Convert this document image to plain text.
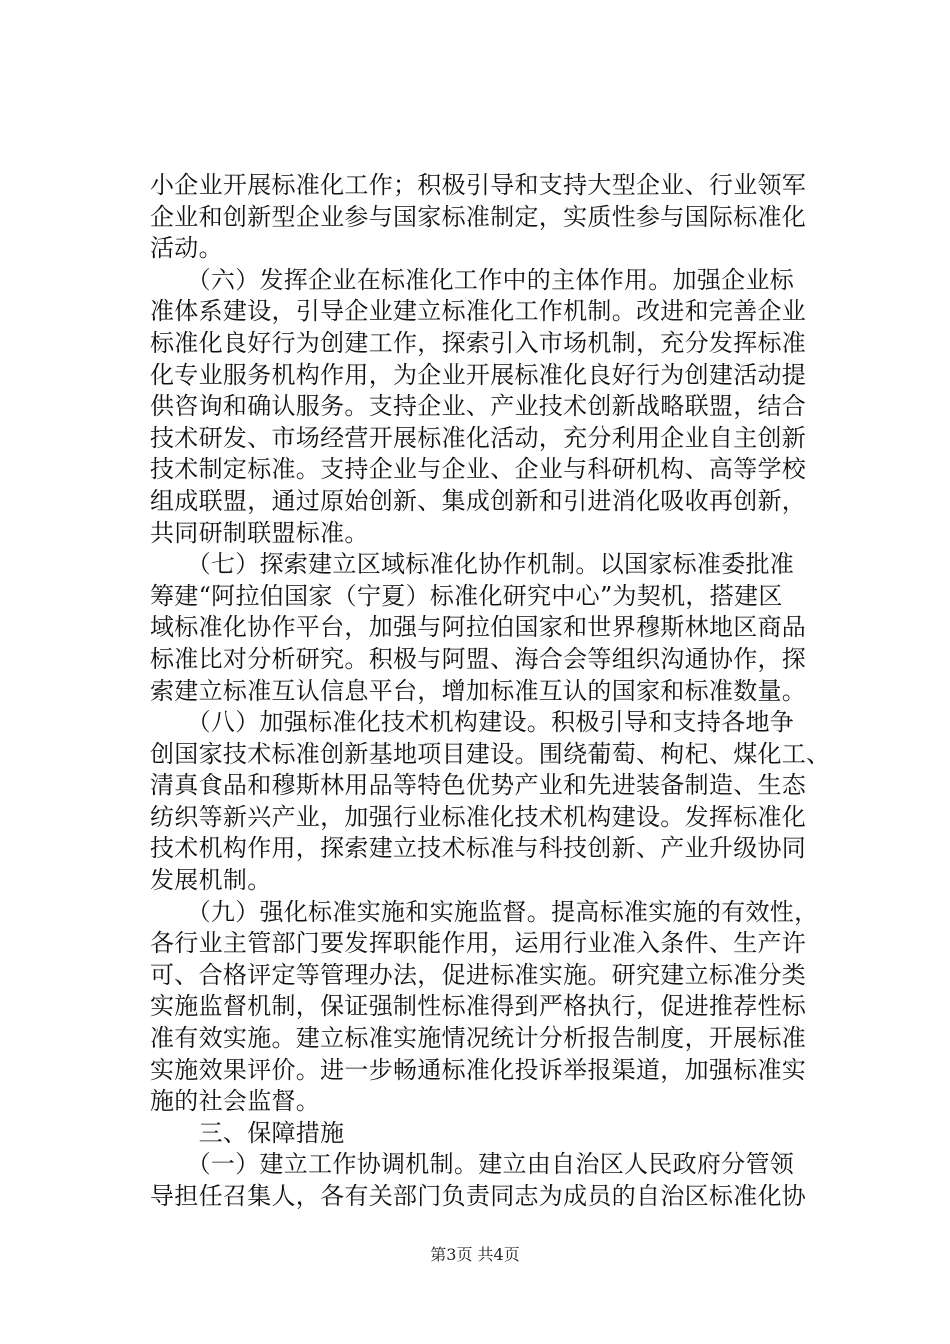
小企业开展标准化工作；积极引导和支持大型企业、行业领军
企业和创新型企业参与国家标准制定，实质性参与国际标准化
活动。
　　（六）发挥企业在标准化工作中的主体作用。加强企业标
准体系建设，引导企业建立标准化工作机制。改进和完善企业
标准化良好行为创建工作，探索引入市场机制，充分发挥标准
化专业服务机构作用，为企业开展标准化良好行为创建活动提
供咨询和确认服务。支持企业、产业技术创新战略联盟，结合
技术研发、市场经营开展标准化活动，充分利用企业自主创新
技术制定标准。支持企业与企业、企业与科研机构、高等学校
组成联盟，通过原始创新、集成创新和引进消化吸收再创新，
共同研制联盟标准。
　　（七）探索建立区域标准化协作机制。以国家标准委批准
筹建“阿拉伯国家（宁夏）标准化研究中心”为契机，搭建区
域标准化协作平台，加强与阿拉伯国家和世界穆斯林地区商品
标准比对分析研究。积极与阿盟、海合会等组织沟通协作，探
索建立标准互认信息平台，增加标准互认的国家和标准数量。
　　（八）加强标准化技术机构建设。积极引导和支持各地争
创国家技术标准创新基地项目建设。围绕葡萄、枸杞、煤化工、
清真食品和穆斯林用品等特色优势产业和先进装备制造、生态
纺织等新兴产业，加强行业标准化技术机构建设。发挥标准化
技术机构作用，探索建立技术标准与科技创新、产业升级协同
发展机制。
　　（九）强化标准实施和实施监督。提高标准实施的有效性，
各行业主管部门要发挥职能作用，运用行业准入条件、生产许
可、合格评定等管理办法，促进标准实施。研究建立标准分类
实施监督机制，保证强制性标准得到严格执行，促进推荐性标
准有效实施。建立标准实施情况统计分析报告制度，开展标准
实施效果评价。进一步畅通标准化投诉举报渠道，加强标准实
施的社会监督。
　　三、保障措施
　　（一）建立工作协调机制。建立由自治区人民政府分管领
导担任召集人，各有关部门负责同志为成员的自治区标准化协
第3页 共4页
